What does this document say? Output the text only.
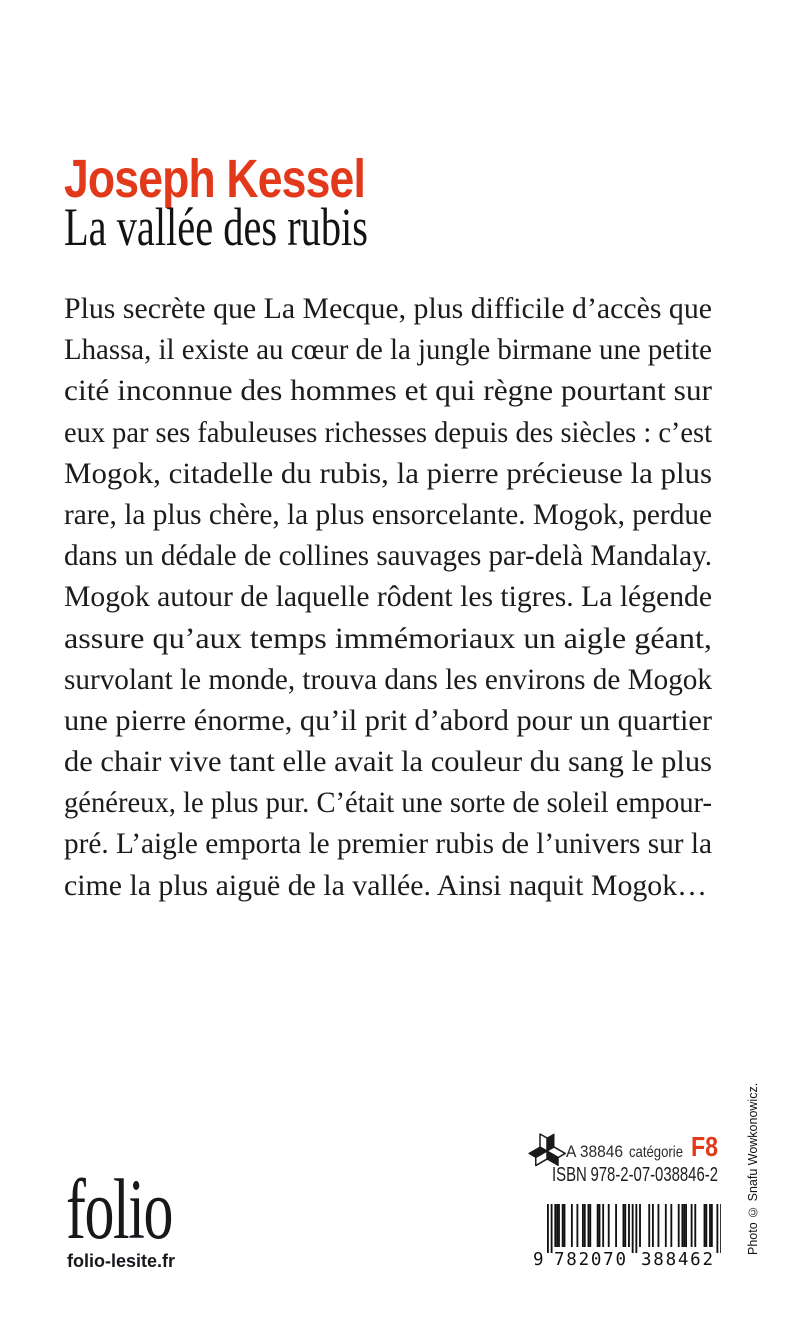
Joseph Kessel
La vallée des rubis
Plus secrète que La Mecque, plus difficile d’accès que
Lhassa, il existe au cœur de la jungle birmane une petite
cité inconnue des hommes et qui règne pourtant sur
eux par ses fabuleuses richesses depuis des siècles : c’est
Mogok, citadelle du rubis, la pierre précieuse la plus
rare, la plus chère, la plus ensorcelante. Mogok, perdue
dans un dédale de collines sauvages par-delà Mandalay.
Mogok autour de laquelle rôdent les tigres. La légende
assure qu’aux temps immémoriaux un aigle géant,
survolant le monde, trouva dans les environs de Mogok
une pierre énorme, qu’il prit d’abord pour un quartier
de chair vive tant elle avait la couleur du sang le plus
généreux, le plus pur. C’était une sorte de soleil empour-
pré. L’aigle emporta le premier rubis de l’univers sur la
cime la plus aiguë de la vallée. Ainsi naquit Mogok…
folio
folio-lesite.fr
A 38846 catégorie F8
ISBN 978-2-07-038846-2
9 782070 388462
Photo © Snafu Wowkonowicz.
